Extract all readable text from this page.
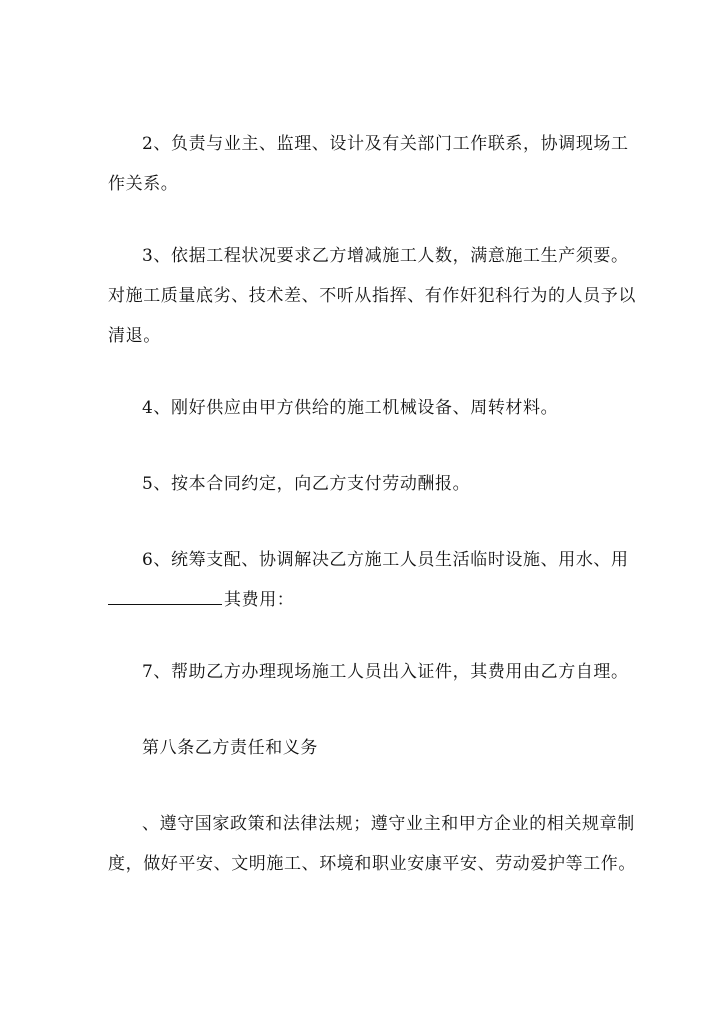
2、负责与业主、监理、设计及有关部门工作联系，协调现场工
作关系。
3、依据工程状况要求乙方增减施工人数，满意施工生产须要。
对施工质量底劣、技术差、不听从指挥、有作奸犯科行为的人员予以
清退。
4、刚好供应由甲方供给的施工机械设备、周转材料。
5、按本合同约定，向乙方支付劳动酬报。
6、统筹支配、协调解决乙方施工人员生活临时设施、用水、用
其费用：
7、帮助乙方办理现场施工人员出入证件，其费用由乙方自理。
第八条乙方责任和义务
、遵守国家政策和法律法规；遵守业主和甲方企业的相关规章制
度，做好平安、文明施工、环境和职业安康平安、劳动爱护等工作。
